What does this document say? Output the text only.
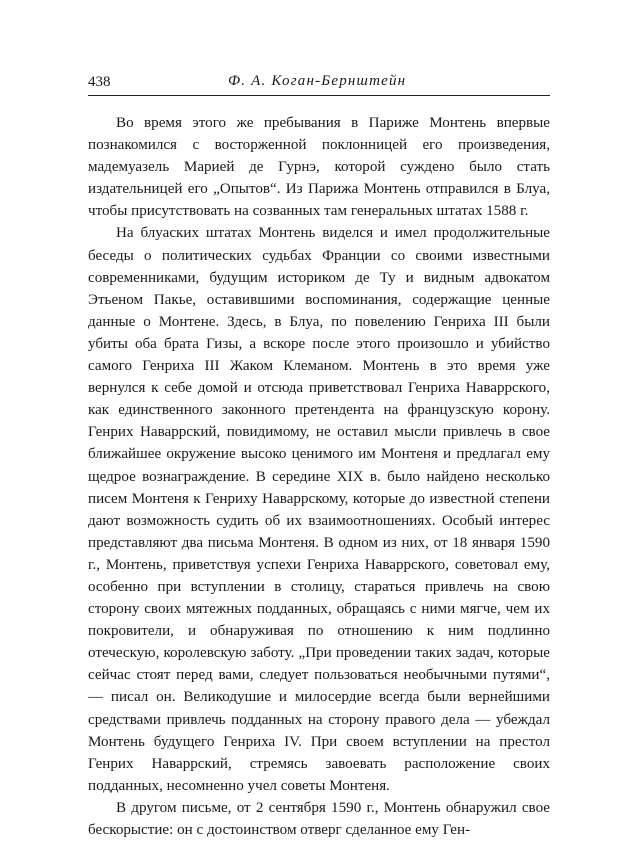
438	Ф. А. Коган-Бернштейн

Во время этого же пребывания в Париже Монтень впервые познакомился с восторженной поклонницей его произведения, мадемуазель Марией де Гурнэ, которой суждено было стать издательницей его „Опытов“. Из Парижа Монтень отправился в Блуа, чтобы присутствовать на созванных там генеральных штатах 1588 г.

На блуаских штатах Монтень виделся и имел продолжительные беседы о политических судьбах Франции со своими известными современниками, будущим историком де Ту и видным адвокатом Этьеном Пакье, оставившими воспоминания, содержащие ценные данные о Монтене. Здесь, в Блуа, по повелению Генриха III были убиты оба брата Гизы, а вскоре после этого произошло и убийство самого Генриха III Жаком Клеманом. Монтень в это время уже вернулся к себе домой и отсюда приветствовал Генриха Наваррского, как единственного законного претендента на французскую корону. Генрих Наваррский, повидимому, не оставил мысли привлечь в свое ближайшее окружение высоко ценимого им Монтеня и предлагал ему щедрое вознаграждение. В середине XIX в. было найдено несколько писем Монтеня к Генриху Наваррскому, которые до известной степени дают возможность судить об их взаимоотношениях. Особый интерес представляют два письма Монтеня. В одном из них, от 18 января 1590 г., Монтень, приветствуя успехи Генриха Наваррского, советовал ему, особенно при вступлении в столицу, стараться привлечь на свою сторону своих мятежных подданных, обращаясь с ними мягче, чем их покровители, и обнаруживая по отношению к ним подлинно отеческую, королевскую заботу. „При проведении таких задач, которые сейчас стоят перед вами, следует пользоваться необычными путями“, — писал он. Великодушие и милосердие всегда были вернейшими средствами привлечь подданных на сторону правого дела — убеждал Монтень будущего Генриха IV. При своем вступлении на престол Генрих Наваррский, стремясь завоевать расположение своих подданных, несомненно учел советы Монтеня.

В другом письме, от 2 сентября 1590 г., Монтень обнаружил свое бескорыстие: он с достоинством отверг сделанное ему Ген-
